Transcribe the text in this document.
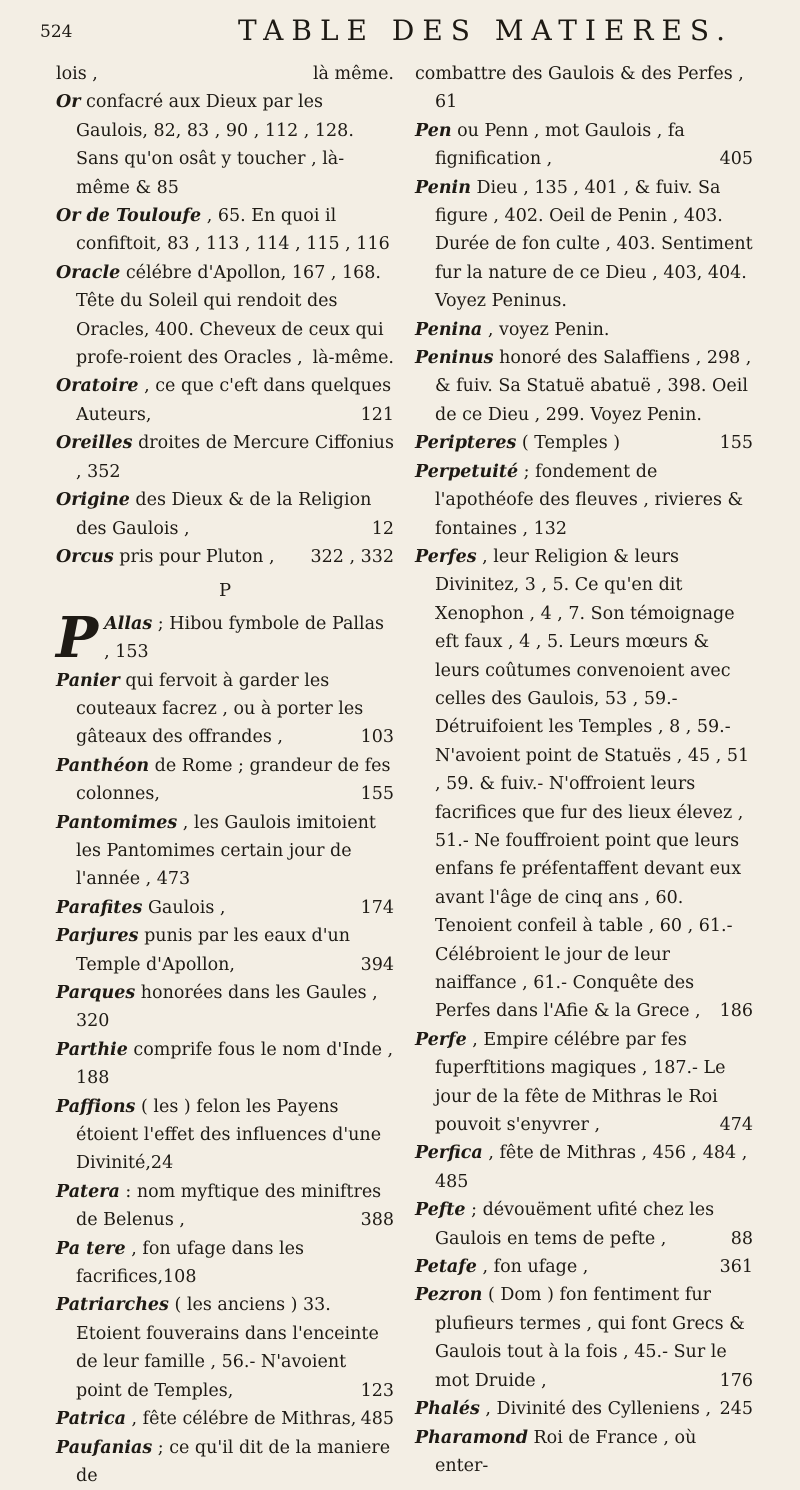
524	TABLE DES MATIERES.

lois ,	là même.

Or confacré aux Dieux par les Gaulois, 82, 83 , 90 , 112 , 128. Sans qu'on osât y toucher , là-même & 85

Or de Touloufe , 65. En quoi il confiftoit, 83 , 113 , 114 , 115 , 116

Oracle célébre d'Apollon, 167 , 168. Tête du Soleil qui rendoit des Oracles, 400. Cheveux de ceux qui profe-roient des Oracles , là-même.

Oratoire , ce que c'eft dans quelques Auteurs,	121

Oreilles droites de Mercure Ciffonius , 352

Origine des Dieux & de la Religion des Gaulois ,	12

Orcus pris pour Pluton , 322 , 332

P

P Allas ; Hibou fymbole de Pallas , 153

Panier qui fervoit à garder les couteaux facrez , ou à porter les gâteaux des offrandes ,	103

Panthéon de Rome ; grandeur de fes colonnes,	155

Pantomimes , les Gaulois imitoient les Pantomimes certain jour de l'année , 473

Parafites Gaulois ,	174

Parjures punis par les eaux d'un Temple d'Apollon,	394

Parques honorées dans les Gaules , 320

Parthie comprife fous le nom d'Inde , 188

Paffions ( les ) felon les Payens étoient l'effet des influences d'une Divinité,24

Patera : nom myftique des miniftres de Belenus ,	388

Pa tere , fon ufage dans les facrifices,108

Patriarches ( les anciens ) 33. Etoient fouverains dans l'enceinte de leur famille , 56.- N'avoient point de Temples,	123

Patrica , fête célébre de Mithras, 485

Paufanias ; ce qu'il dit de la maniere de

combattre des Gaulois & des Perfes , 61

Pen ou Penn , mot Gaulois , fa fignification ,	405

Penin Dieu , 135 , 401 , & fuiv. Sa figure , 402. Oeil de Penin , 403. Durée de fon culte , 403. Sentiment fur la nature de ce Dieu , 403, 404. Voyez Peninus.

Penina , voyez Penin.

Peninus honoré des Salaffiens , 298 , & fuiv. Sa Statuë abatuë , 398. Oeil de ce Dieu , 299. Voyez Penin.

Peripteres ( Temples )	155

Perpetuité ; fondement de l'apothéofe des fleuves , rivieres & fontaines , 132

Perfes , leur Religion & leurs Divinitez, 3 , 5. Ce qu'en dit Xenophon , 4 , 7. Son témoignage eft faux , 4 , 5. Leurs mœurs & leurs coûtumes convenoient avec celles des Gaulois, 53 , 59.- Détruifoient les Temples , 8 , 59.- N'avoient point de Statuës , 45 , 51 , 59. & fuiv.- N'offroient leurs facrifices que fur des lieux élevez , 51.- Ne fouffroient point que leurs enfans fe préfentaffent devant eux avant l'âge de cinq ans , 60. Tenoient confeil à table , 60 , 61.- Célébroient le jour de leur naiffance , 61.- Conquête des Perfes dans l'Afie & la Grece , 186

Perfe , Empire célébre par fes fuperftitions magiques , 187.- Le jour de la fête de Mithras le Roi pouvoit s'enyvrer ,	474

Perfica , fête de Mithras , 456 , 484 , 485

Pefte ; dévouëment ufité chez les Gaulois en tems de pefte ,	88

Petafe , fon ufage ,	361

Pezron ( Dom ) fon fentiment fur plufieurs termes , qui font Grecs & Gaulois tout à la fois , 45.- Sur le mot Druide ,	176

Phalés , Divinité des Cylleniens , 245

Pharamond Roi de France , où enter-
